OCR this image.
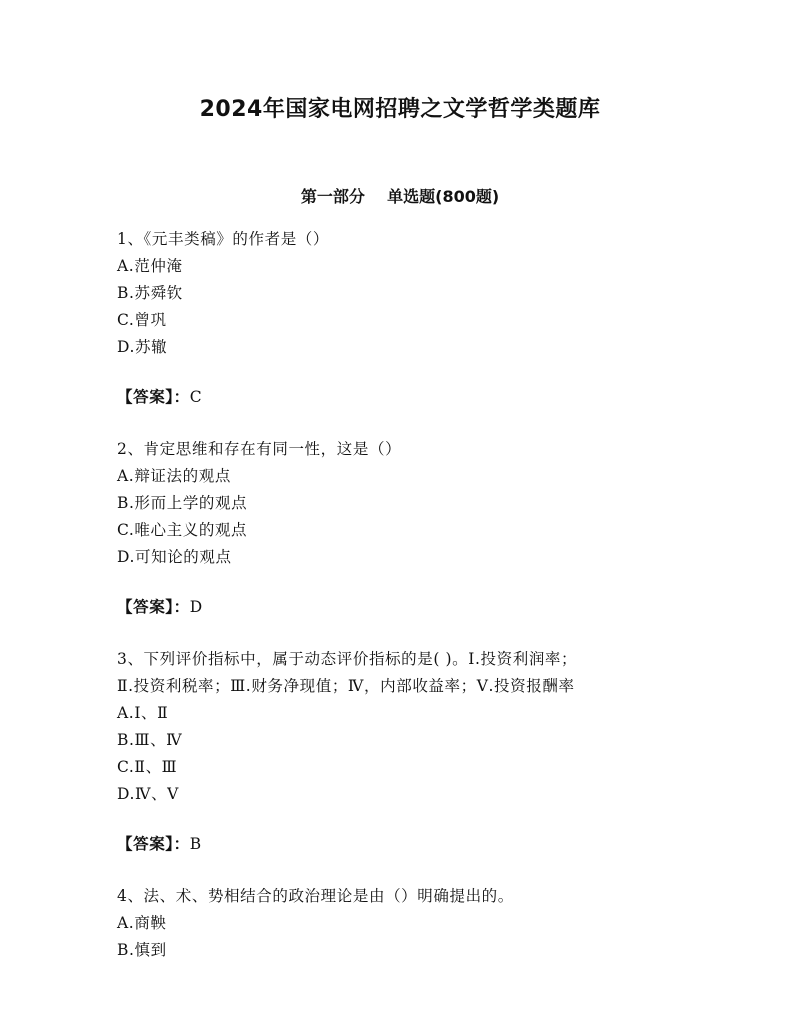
2024年国家电网招聘之文学哲学类题库
第一部分    单选题(800题)
1、《元丰类稿》的作者是（）
A.范仲淹
B.苏舜钦
C.曾巩
D.苏辙
【答案】：C
2、肯定思维和存在有同一性，这是（）
A.辩证法的观点
B.形而上学的观点
C.唯心主义的观点
D.可知论的观点
【答案】：D
3、下列评价指标中，属于动态评价指标的是( )。Ⅰ.投资利润率；
Ⅱ.投资利税率；Ⅲ.财务净现值；Ⅳ，内部收益率；Ⅴ.投资报酬率
A.Ⅰ、Ⅱ
B.Ⅲ、Ⅳ
C.Ⅱ、Ⅲ
D.Ⅳ、Ⅴ
【答案】：B
4、法、术、势相结合的政治理论是由（）明确提出的。
A.商鞅
B.慎到
